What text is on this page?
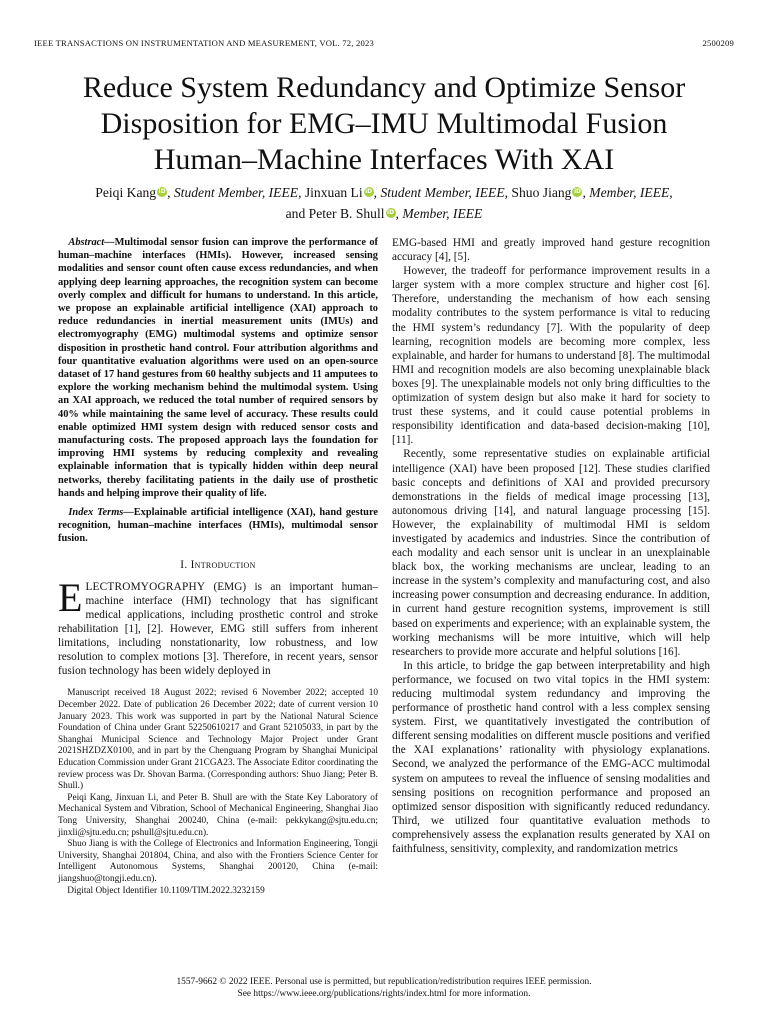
IEEE TRANSACTIONS ON INSTRUMENTATION AND MEASUREMENT, VOL. 72, 2023	2500209
Reduce System Redundancy and Optimize Sensor
Disposition for EMG–IMU Multimodal Fusion
Human–Machine Interfaces With XAI
Peiqi Kang iD, Student Member, IEEE, Jinxuan Li iD, Student Member, IEEE, Shuo Jiang iD, Member, IEEE,
and Peter B. Shull iD, Member, IEEE

Abstract—Multimodal sensor fusion can improve the performance of human–machine interfaces (HMIs). However, increased sensing modalities and sensor count often cause excess redundancies, and when applying deep learning approaches, the recognition system can become overly complex and difficult for humans to understand. In this article, we propose an explainable artificial intelligence (XAI) approach to reduce redundancies in inertial measurement units (IMUs) and electromyography (EMG) multimodal systems and optimize sensor disposition in prosthetic hand control. Four attribution algorithms and four quantitative evaluation algorithms were used on an open-source dataset of 17 hand gestures from 60 healthy subjects and 11 amputees to explore the working mechanism behind the multimodal system. Using an XAI approach, we reduced the total number of required sensors by 40% while maintaining the same level of accuracy. These results could enable optimized HMI system design with reduced sensor costs and manufacturing costs. The proposed approach lays the foundation for improving HMI systems by reducing complexity and revealing explainable information that is typically hidden within deep neural networks, thereby facilitating patients in the daily use of prosthetic hands and helping improve their quality of life.

Index Terms—Explainable artificial intelligence (XAI), hand gesture recognition, human–machine interfaces (HMIs), multimodal sensor fusion.

I. Introduction

ELECTROMYOGRAPHY (EMG) is an important human–machine interface (HMI) technology that has significant medical applications, including prosthetic control and stroke rehabilitation [1], [2]. However, EMG still suffers from inherent limitations, including nonstationarity, low robustness, and low resolution to complex motions [3]. Therefore, in recent years, sensor fusion technology has been widely deployed in

Manuscript received 18 August 2022; revised 6 November 2022; accepted 10 December 2022. Date of publication 26 December 2022; date of current version 10 January 2023. This work was supported in part by the National Natural Science Foundation of China under Grant 52250610217 and Grant 52105033, in part by the Shanghai Municipal Science and Technology Major Project under Grant 2021SHZDZX0100, and in part by the Chenguang Program by Shanghai Municipal Education Commission under Grant 21CGA23. The Associate Editor coordinating the review process was Dr. Shovan Barma. (Corresponding authors: Shuo Jiang; Peter B. Shull.)

Peiqi Kang, Jinxuan Li, and Peter B. Shull are with the State Key Laboratory of Mechanical System and Vibration, School of Mechanical Engineering, Shanghai Jiao Tong University, Shanghai 200240, China (e-mail: pekkykang@sjtu.edu.cn; jinxli@sjtu.edu.cn; pshull@sjtu.edu.cn).

Shuo Jiang is with the College of Electronics and Information Engineering, Tongji University, Shanghai 201804, China, and also with the Frontiers Science Center for Intelligent Autonomous Systems, Shanghai 200120, China (e-mail: jiangshuo@tongji.edu.cn).

Digital Object Identifier 10.1109/TIM.2022.3232159

EMG-based HMI and greatly improved hand gesture recognition accuracy [4], [5].

However, the tradeoff for performance improvement results in a larger system with a more complex structure and higher cost [6]. Therefore, understanding the mechanism of how each sensing modality contributes to the system performance is vital to reducing the HMI system’s redundancy [7]. With the popularity of deep learning, recognition models are becoming more complex, less explainable, and harder for humans to understand [8]. The multimodal HMI and recognition models are also becoming unexplainable black boxes [9]. The unexplainable models not only bring difficulties to the optimization of system design but also make it hard for society to trust these systems, and it could cause potential problems in responsibility identification and data-based decision-making [10], [11].

Recently, some representative studies on explainable artificial intelligence (XAI) have been proposed [12]. These studies clarified basic concepts and definitions of XAI and provided precursory demonstrations in the fields of medical image processing [13], autonomous driving [14], and natural language processing [15]. However, the explainability of multimodal HMI is seldom investigated by academics and industries. Since the contribution of each modality and each sensor unit is unclear in an unexplainable black box, the working mechanisms are unclear, leading to an increase in the system’s complexity and manufacturing cost, and also increasing power consumption and decreasing endurance. In addition, in current hand gesture recognition systems, improvement is still based on experiments and experience; with an explainable system, the working mechanisms will be more intuitive, which will help researchers to provide more accurate and helpful solutions [16].

In this article, to bridge the gap between interpretability and high performance, we focused on two vital topics in the HMI system: reducing multimodal system redundancy and improving the performance of prosthetic hand control with a less complex sensing system. First, we quantitatively investigated the contribution of different sensing modalities on different muscle positions and verified the XAI explanations’ rationality with physiology explanations. Second, we analyzed the performance of the EMG-ACC multimodal system on amputees to reveal the influence of sensing modalities and sensing positions on recognition performance and proposed an optimized sensor disposition with significantly reduced redundancy. Third, we utilized four quantitative evaluation methods to comprehensively assess the explanation results generated by XAI on faithfulness, sensitivity, complexity, and randomization metrics

1557-9662 © 2022 IEEE. Personal use is permitted, but republication/redistribution requires IEEE permission.
See https://www.ieee.org/publications/rights/index.html for more information.
